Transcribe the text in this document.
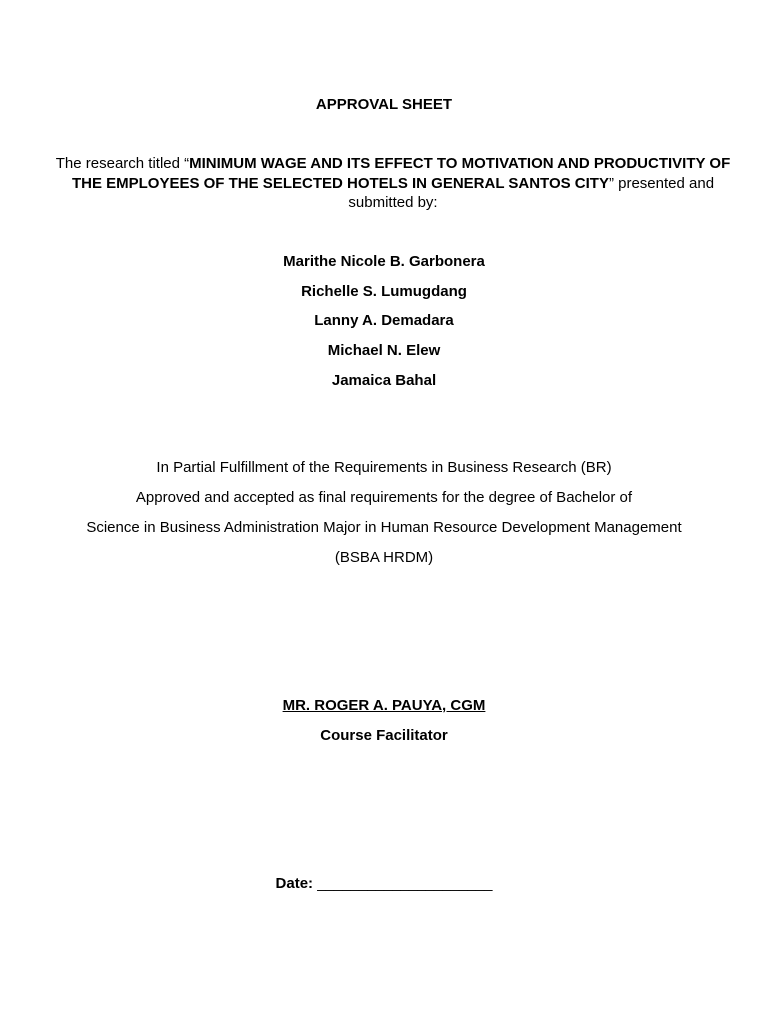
APPROVAL SHEET
The research titled “MINIMUM WAGE AND ITS EFFECT TO MOTIVATION AND PRODUCTIVITY OF THE EMPLOYEES OF THE SELECTED HOTELS IN GENERAL SANTOS CITY” presented and submitted by:
Marithe Nicole B. Garbonera
Richelle S. Lumugdang
Lanny A. Demadara
Michael N. Elew
Jamaica Bahal
In Partial Fulfillment of the Requirements in Business Research (BR)
Approved and accepted as final requirements for the degree of Bachelor of
Science in Business Administration Major in Human Resource Development Management
(BSBA HRDM)
MR. ROGER A. PAUYA, CGM
Course Facilitator
Date: _____________________
